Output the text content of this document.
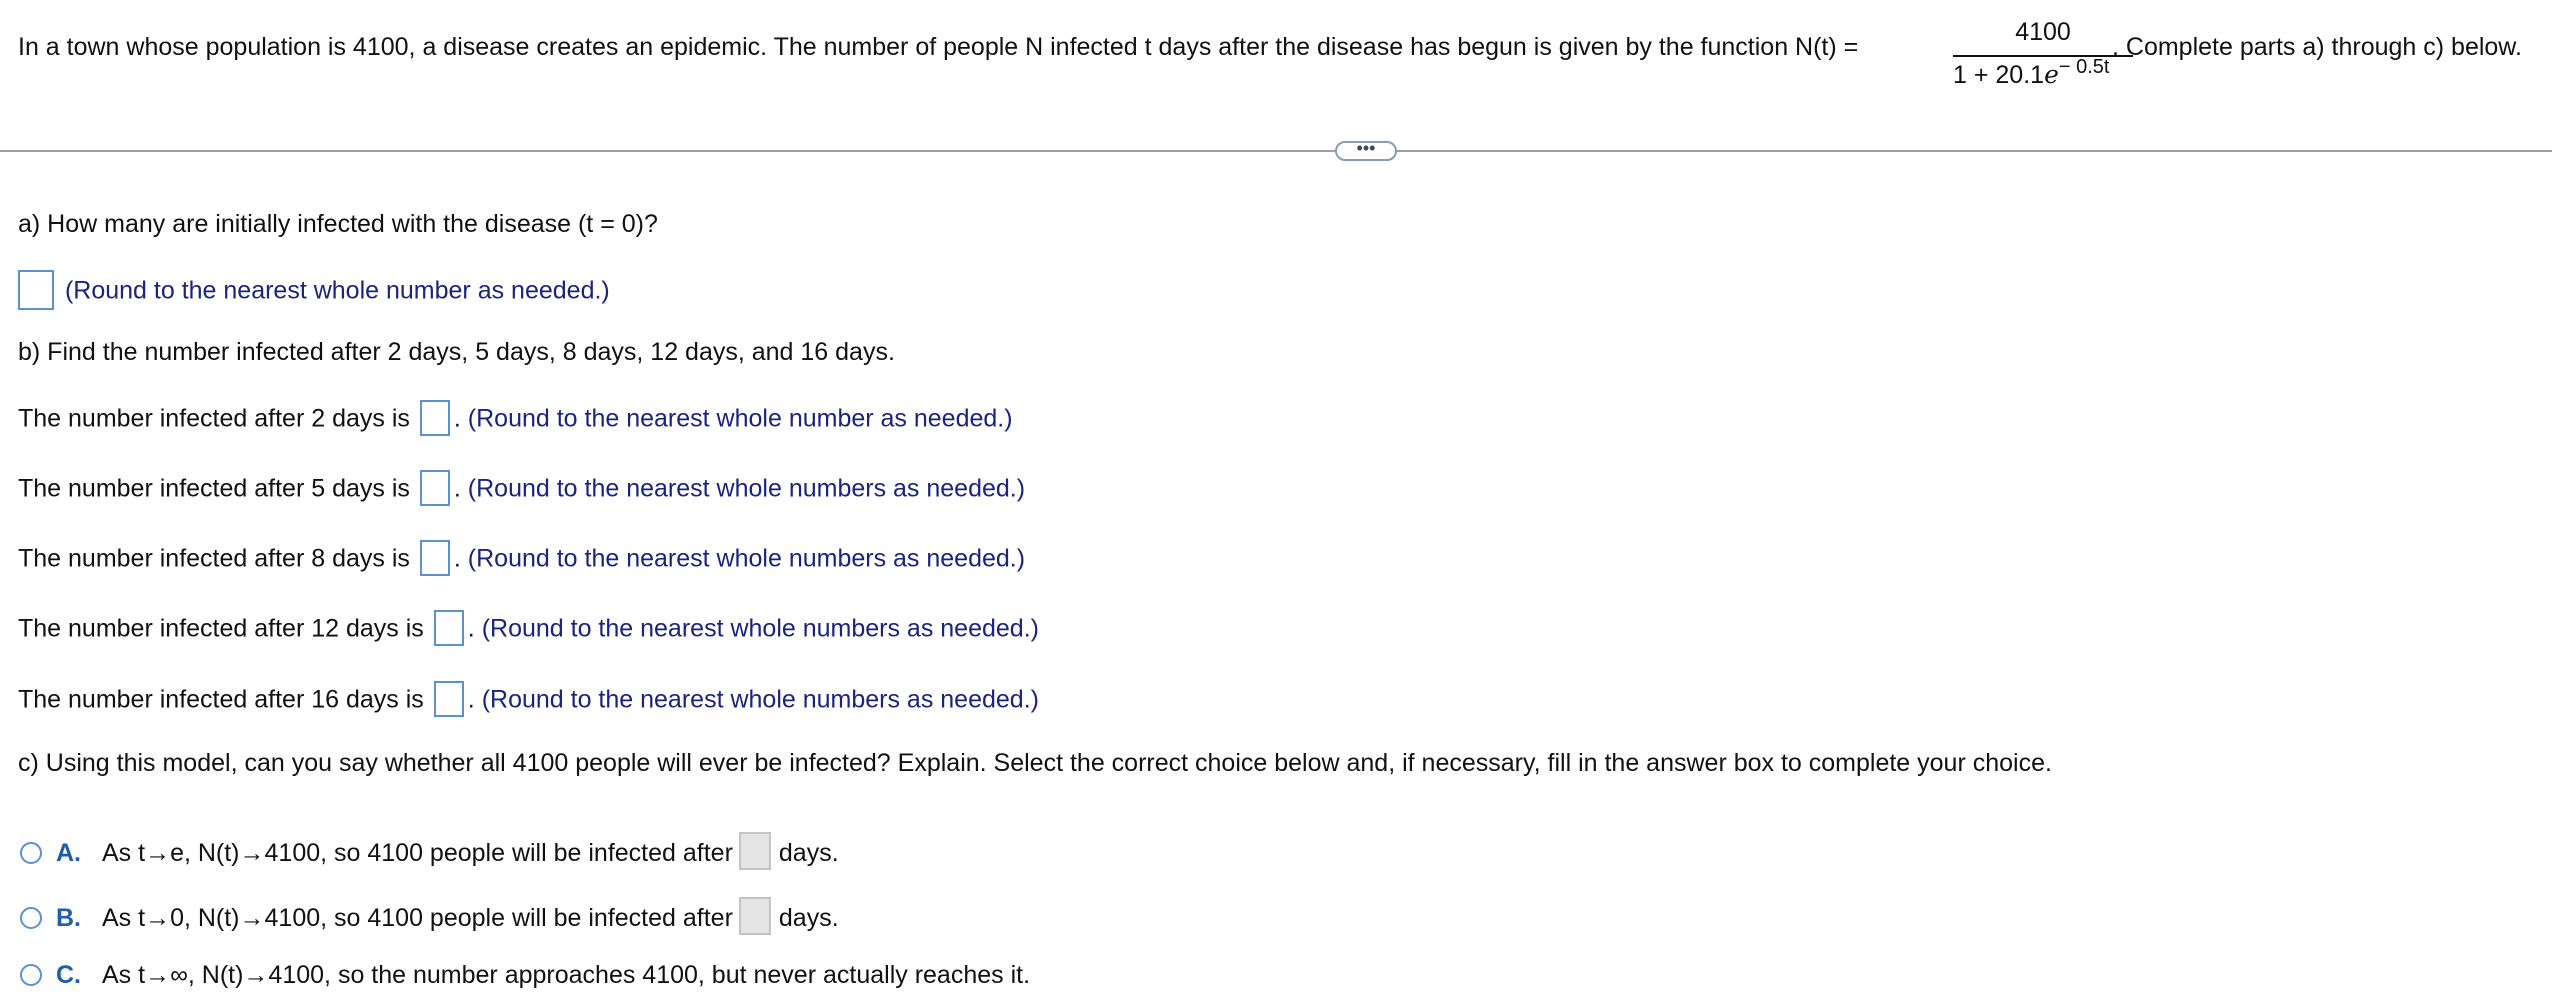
In a town whose population is 4100, a disease creates an epidemic. The number of people N infected t days after the disease has begun is given by the function N(t) =
4100
$1 + 20.1e^{- 0.5t}$
. Complete parts a) through c) below.
•••
a) How many are initially infected with the disease (t = 0)?
(Round to the nearest whole number as needed.)
b) Find the number infected after 2 days, 5 days, 8 days, 12 days, and 16 days.
The number infected after 2 days is . (Round to the nearest whole number as needed.)
The number infected after 5 days is . (Round to the nearest whole numbers as needed.)
The number infected after 8 days is . (Round to the nearest whole numbers as needed.)
The number infected after 12 days is . (Round to the nearest whole numbers as needed.)
The number infected after 16 days is . (Round to the nearest whole numbers as needed.)
c) Using this model, can you say whether all 4100 people will ever be infected? Explain. Select the correct choice below and, if necessary, fill in the answer box to complete your choice.
A. As t→e, N(t)→4100, so 4100 people will be infected after days.
B. As t→0, N(t)→4100, so 4100 people will be infected after days.
C. As t→∞, N(t)→4100, so the number approaches 4100, but never actually reaches it.
